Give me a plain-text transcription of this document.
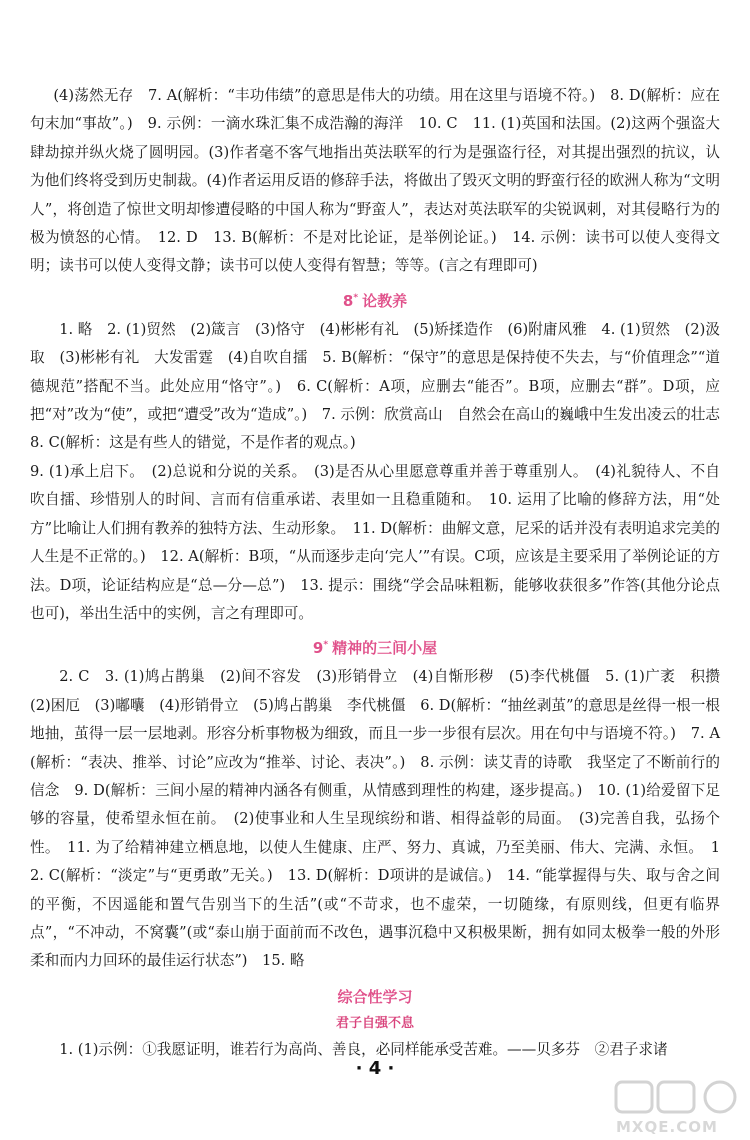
(4)荡然无存　7. A(解析：“丰功伟绩”的意思是伟大的功绩。用在这里与语境不符。)　8. D(解析：应在句末加“事故”。)　9. 示例：一滴水珠汇集不成浩瀚的海洋　10. C　11. (1)英国和法国。(2)这两个强盗大肆劫掠并纵火烧了圆明园。(3)作者毫不客气地指出英法联军的行为是强盗行径，对其提出强烈的抗议，认为他们终将受到历史制裁。(4)作者运用反语的修辞手法，将做出了毁灭文明的野蛮行径的欧洲人称为“文明人”，将创造了惊世文明却惨遭侵略的中国人称为“野蛮人”，表达对英法联军的尖锐讽刺，对其侵略行为的极为愤怒的心情。　12. D　13. B(解析：不是对比论证，是举例论证。)　14. 示例：读书可以使人变得文明；读书可以使人变得文静；读书可以使人变得有智慧；等等。(言之有理即可)

8* 论教养

1. 略　2. (1)贸然　(2)箴言　(3)恪守　(4)彬彬有礼　(5)矫揉造作　(6)附庸风雅　4. (1)贸然　(2)汲取　(3)彬彬有礼　大发雷霆　(4)自吹自擂　5. B(解析：“保守”的意思是保持使不失去，与“价值理念”“道德规范”搭配不当。此处应用“恪守”。)　6. C(解析：A项，应删去“能否”。B项，应删去“群”。D项，应把“对”改为“使”，或把“遭受”改为“造成”。)　7. 示例：欣赏高山　自然会在高山的巍峨中生发出凌云的壮志　8. C(解析：这是有些人的错觉，不是作者的观点。)

9. (1)承上启下。　(2)总说和分说的关系。　(3)是否从心里愿意尊重并善于尊重别人。　(4)礼貌待人、不自吹自擂、珍惜别人的时间、言而有信重承诺、表里如一且稳重随和。　10. 运用了比喻的修辞方法，用“处方”比喻让人们拥有教养的独特方法、生动形象。　11. D(解析：曲解文意，尼采的话并没有表明追求完美的人生是不正常的。)　12. A(解析：B项，“从而逐步走向‘完人’”有误。C项，应该是主要采用了举例论证的方法。D项，论证结构应是“总—分—总”)　13. 提示：围绕“学会品味粗粝，能够收获很多”作答(其他分论点也可)，举出生活中的实例，言之有理即可。

9* 精神的三间小屋

2. C　3. (1)鸠占鹊巢　(2)间不容发　(3)形销骨立　(4)自惭形秽　(5)李代桃僵　5. (1)广袤　积攒　(2)困厄　(3)嘟囔　(4)形销骨立　(5)鸠占鹊巢　李代桃僵　6. D(解析：“抽丝剥茧”的意思是丝得一根一根地抽，茧得一层一层地剥。形容分析事物极为细致，而且一步一步很有层次。用在句中与语境不符。)　7. A(解析：“表决、推举、讨论”应改为“推举、讨论、表决”。)　8. 示例：读艾青的诗歌　我坚定了不断前行的信念　9. D(解析：三间小屋的精神内涵各有侧重，从情感到理性的构建，逐步提高。)　10. (1)给爱留下足够的容量，使希望永恒在前。　(2)使事业和人生呈现缤纷和谐、相得益彰的局面。　(3)完善自我，弘扬个性。　11. 为了给精神建立栖息地，以使人生健康、庄严、努力、真诚，乃至美丽、伟大、完满、永恒。　12. C(解析：“淡定”与“更勇敢”无关。)　13. D(解析：D项讲的是诚信。)　14. “能掌握得与失、取与舍之间的平衡，不因遥能和置气告别当下的生活”(或“不苛求，也不虚荣，一切随缘，有原则线，但更有临界点”，“不冲动，不窝囊”(或“泰山崩于面前而不改色，遇事沉稳中又积极果断，拥有如同太极拳一般的外形柔和而内力回环的最佳运行状态”)　15. 略

综合性学习
君子自强不息

1. (1)示例：①我愿证明，谁若行为高尚、善良，必同样能承受苦难。——贝多芬　②君子求诸

· 4 ·
MXQE.COM
